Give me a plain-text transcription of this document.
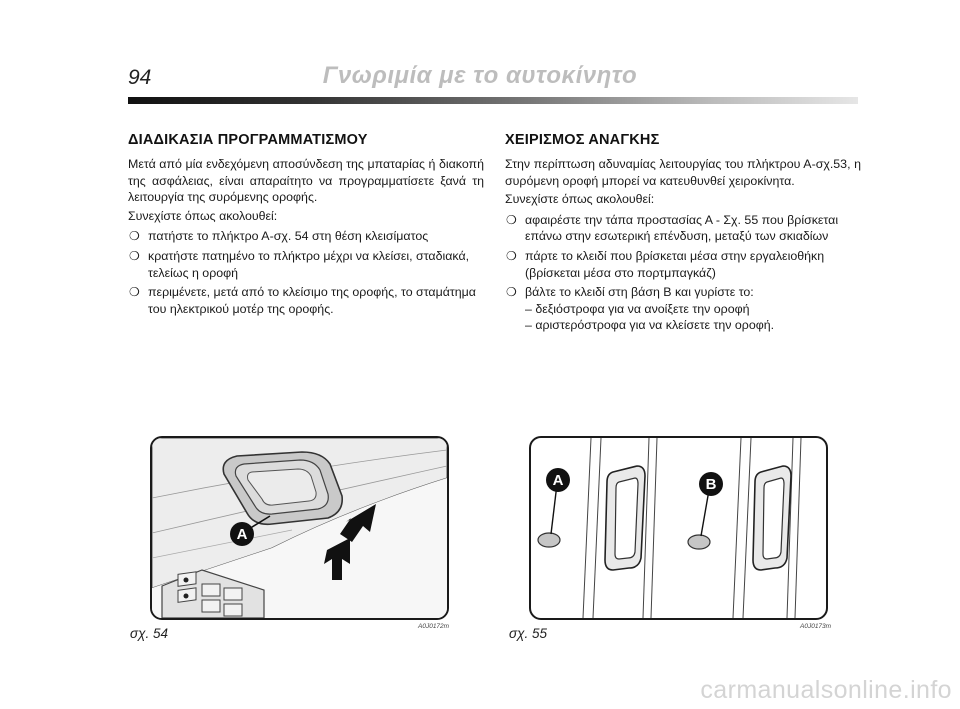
94	Γνωριμία με το αυτοκίνητο
ΔΙΑΔΙΚΑΣΙΑ ΠΡΟΓΡΑΜΜΑΤΙΣΜΟΥ

Μετά από μία ενδεχόμενη αποσύνδεση της μπαταρίας ή διακοπή της ασφάλειας, είναι απαραίτητο να προγραμματίσετε ξανά τη λειτουργία της συρόμενης οροφής.

Συνεχίστε όπως ακολουθεί:

❍ πατήστε το πλήκτρο Α-σχ. 54 στη θέση κλεισίματος
❍ κρατήστε πατημένο το πλήκτρο μέχρι να κλείσει, σταδιακά, τελείως η οροφή
❍ περιμένετε, μετά από το κλείσιμο της οροφής, το σταμάτημα του ηλεκτρικού μοτέρ της οροφής.
ΧΕΙΡΙΣΜΟΣ ΑΝΑΓΚΗΣ

Στην περίπτωση αδυναμίας λειτουργίας του πλήκτρου Α-σχ.53, η συρόμενη οροφή μπορεί να κατευθυνθεί χειροκίνητα.

Συνεχίστε όπως ακολουθεί:

❍ αφαιρέστε την τάπα προστασίας Α - Σχ. 55 που βρίσκεται επάνω στην εσωτερική επένδυση, μεταξύ των σκιαδίων
❍ πάρτε το κλειδί που βρίσκεται μέσα στην εργαλειοθήκη (βρίσκεται μέσα στο πορτμπαγκάζ)
❍ βάλτε το κλειδί στη βάση Β και γυρίστε το:
– δεξιόστροφα για να ανοίξετε την οροφή
– αριστερόστροφα για να κλείσετε την οροφή.
A
A	B
σχ. 54	A0J0172m	σχ. 55	A0J0173m
carmanualsonline.info
